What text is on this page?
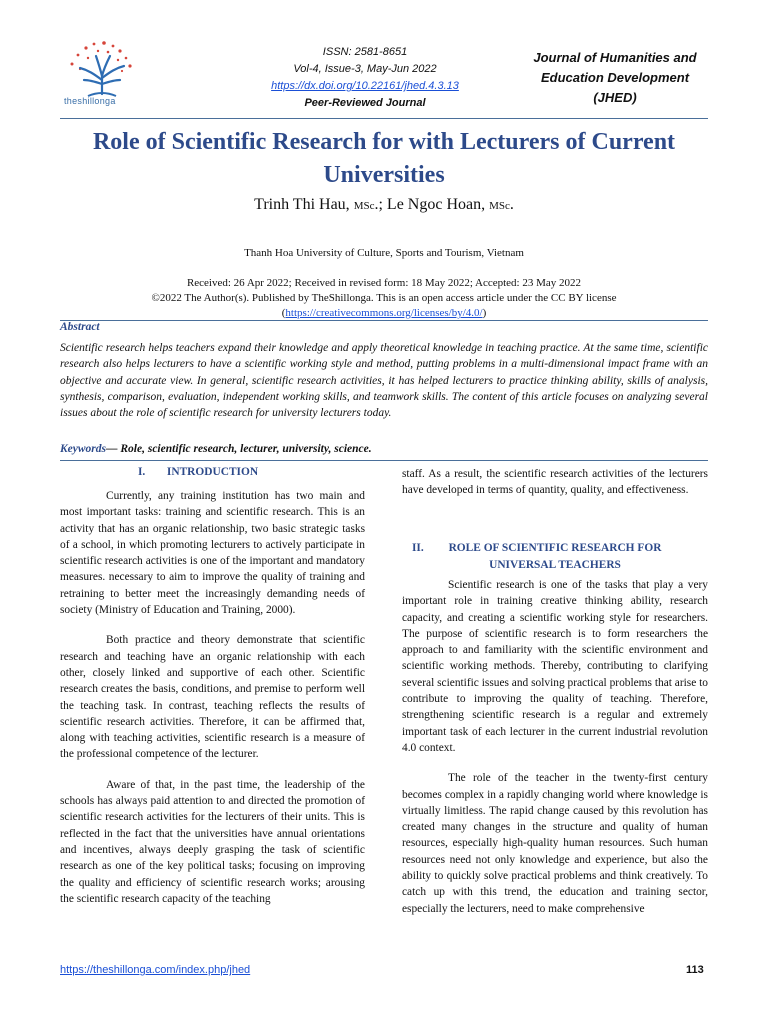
theshillonga
ISSN: 2581-8651
Vol-4, Issue-3, May-Jun 2022
https://dx.doi.org/10.22161/jhed.4.3.13
Peer-Reviewed Journal
Journal of Humanities and
Education Development
(JHED)
Role of Scientific Research for with Lecturers of Current Universities
Trinh Thi Hau, MSc.; Le Ngoc Hoan, MSc.
Thanh Hoa University of Culture, Sports and Tourism, Vietnam
Received: 26 Apr 2022; Received in revised form: 18 May 2022; Accepted: 23 May 2022
©2022 The Author(s). Published by TheShillonga. This is an open access article under the CC BY license
(https://creativecommons.org/licenses/by/4.0/)
Abstract
Scientific research helps teachers expand their knowledge and apply theoretical knowledge in teaching practice. At the same time, scientific research also helps lecturers to have a scientific working style and method, putting problems in a multi-dimensional impact frame with an objective and accurate view. In general, scientific research activities, it has helped lecturers to practice thinking ability, skills of analysis, synthesis, comparison, evaluation, independent working skills, and teamwork skills. The content of this article focuses on analyzing several issues about the role of scientific research for university lecturers today.
Keywords— Role, scientific research, lecturer, university, science.
I. INTRODUCTION

Currently, any training institution has two main and most important tasks: training and scientific research. This is an activity that has an organic relationship, two basic strategic tasks of a school, in which promoting lecturers to actively participate in scientific research activities is one of the important and mandatory measures. necessary to aim to improve the quality of training and retraining to better meet the increasingly demanding needs of society (Ministry of Education and Training, 2000).

Both practice and theory demonstrate that scientific research and teaching have an organic relationship with each other, closely linked and supportive of each other. Scientific research creates the basis, conditions, and premise to perform well the teaching task. In contrast, teaching reflects the results of scientific research activities. Therefore, it can be affirmed that, along with teaching activities, scientific research is a measure of the professional competence of the lecturer.

Aware of that, in the past time, the leadership of the schools has always paid attention to and directed the promotion of scientific research activities for the lecturers of their units. This is reflected in the fact that the universities have annual orientations and incentives, always deeply grasping the task of scientific research as one of the key political tasks; focusing on improving the quality and efficiency of scientific research works; arousing the scientific research capacity of the teaching

staff. As a result, the scientific research activities of the lecturers have developed in terms of quantity, quality, and effectiveness.

II.	ROLE OF SCIENTIFIC RESEARCH FOR
UNIVERSAL TEACHERS

Scientific research is one of the tasks that play a very important role in training creative thinking ability, research capacity, and creating a scientific working style for researchers. The purpose of scientific research is to form researchers the approach to and familiarity with the scientific environment and scientific working methods. Thereby, contributing to clarifying several scientific issues and solving practical problems that arise to contribute to improving the quality of teaching. Therefore, strengthening scientific research is a regular and extremely important task of each lecturer in the current industrial revolution 4.0 context.

The role of the teacher in the twenty-first century becomes complex in a rapidly changing world where knowledge is virtually limitless. The rapid change caused by this revolution has created many changes in the structure and quality of human resources, especially high-quality human resources. Such human resources need not only knowledge and experience, but also the ability to quickly solve practical problems and think creatively. To catch up with this trend, the education and training sector, especially the lecturers, need to make comprehensive

https://theshillonga.com/index.php/jhed	113
